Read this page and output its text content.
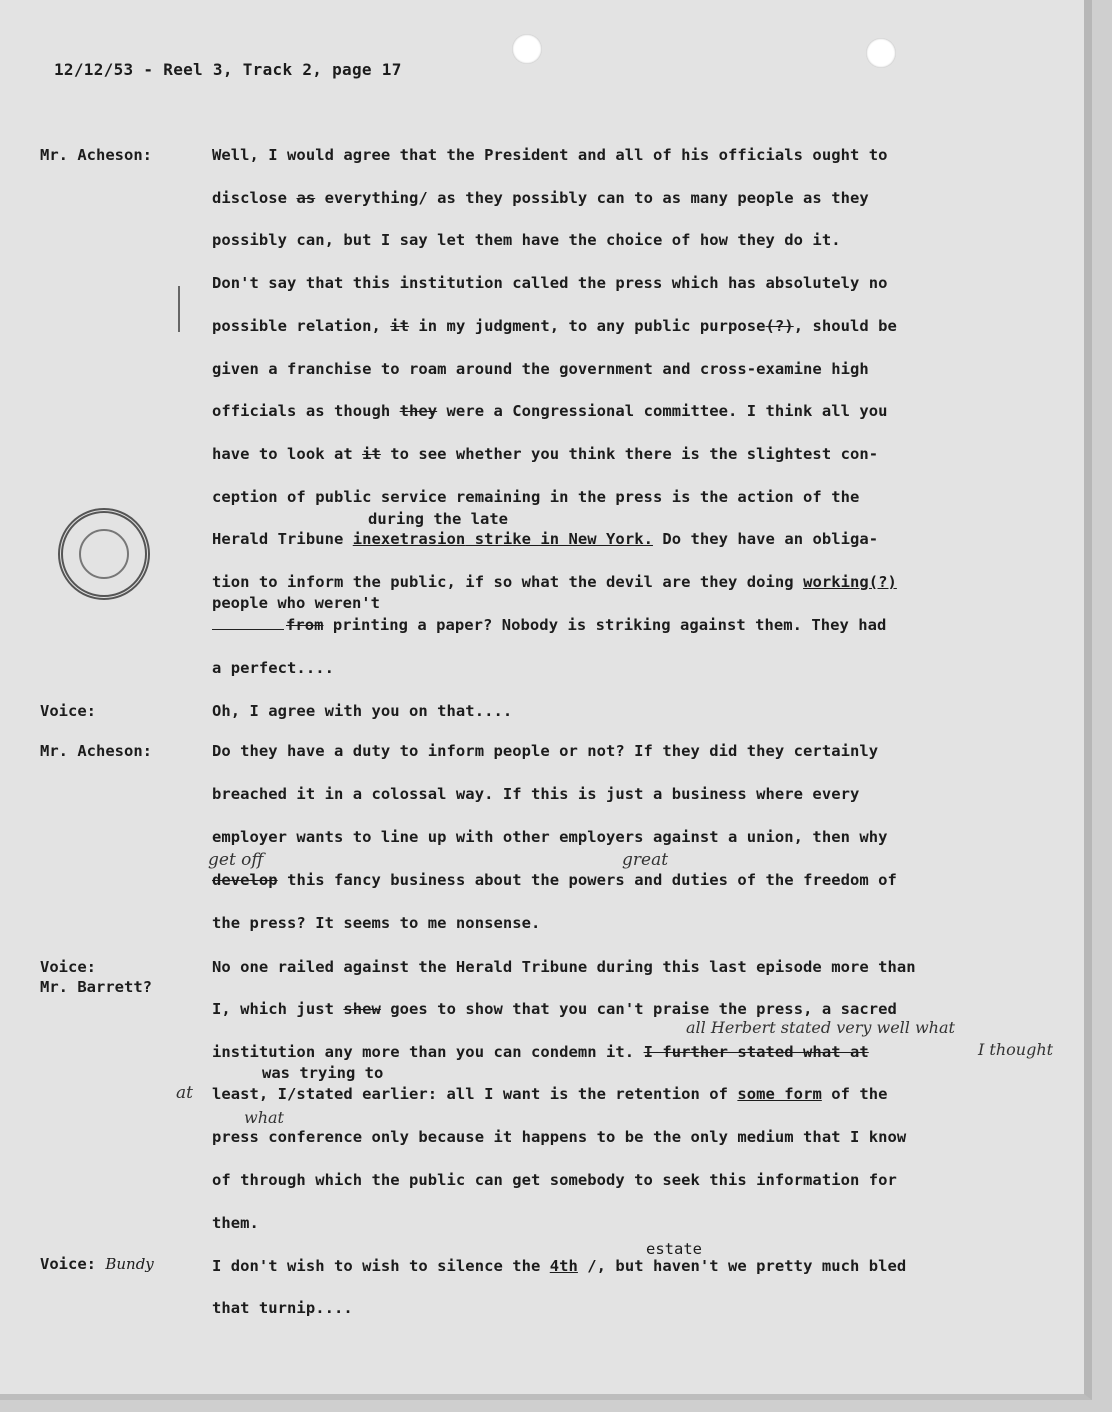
12/12/53 - Reel 3, Track 2, page 17
Mr. Acheson:
Voice:
Mr. Acheson:
Voice:
Mr. Barrett?
Voice: Bundy
Well, I would agree that the President and all of his officials ought to
disclose as everything/ as they possibly can to as many people as they
possibly can, but I say let them have the choice of how they do it.
Don't say that this institution called the press which has absolutely no
possible relation, it in my judgment, to any public purpose(?), should be
given a franchise to roam around the government and cross-examine high
officials as though they were a Congressional committee. I think all you
have to look at it to see whether you think there is the slightest con-
ception of public service remaining in the press is the action of the
during the late
Herald Tribune inexetrasion strike in New York. Do they have an obliga-
tion to inform the public, if so what the devil are they doing working(?)
people who weren't
from printing a paper? Nobody is striking against them. They had
a perfect....
Oh, I agree with you on that....
Do they have a duty to inform people or not? If they did they certainly
breached it in a colossal way. If this is just a business where every
employer wants to line up with other employers against a union, then why
get off	great
develop this fancy business about the powers and duties of the freedom of
the press? It seems to me nonsense.
No one railed against the Herald Tribune during this last episode more than
I, which just shew goes to show that you can't praise the press, a sacred
all Herbert stated very well what
institution any more than you can condemn it. I further stated what at	I thought
was trying to
at least, I/stated earlier: all I want is the retention of some form of the
what
press conference only because it happens to be the only medium that I know
of through which the public can get somebody to seek this information for
them.
estate
I don't wish to wish to silence the 4th /, but haven't we pretty much bled
that turnip....
